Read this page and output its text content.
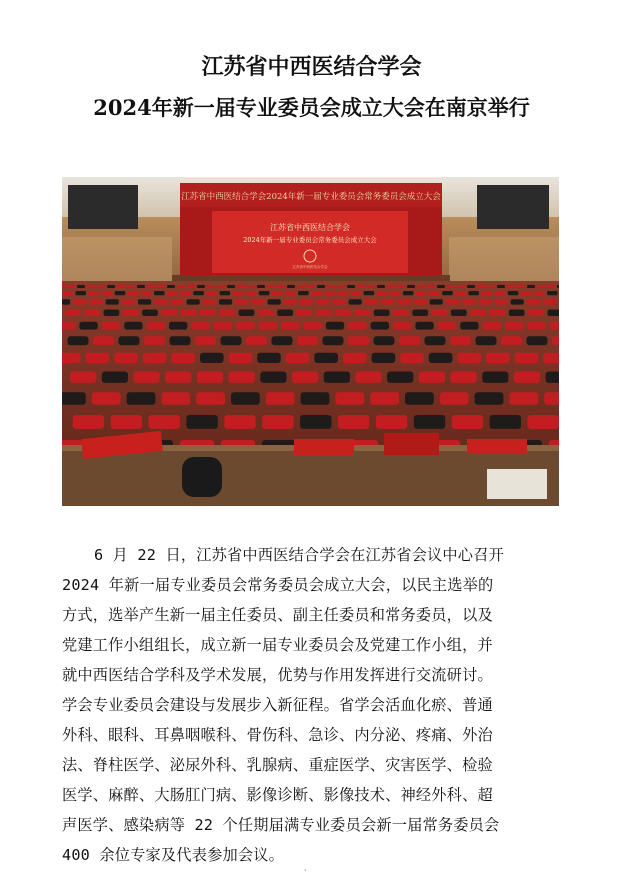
江苏省中西医结合学会
2024年新一届专业委员会成立大会在南京举行
江苏省中西医结合学会2024年新一届专业委员会常务委员会成立大会
江苏省中西医结合学会
2024年新一届专业委员会常务委员会成立大会
江苏省中西医结合学会
6 月 22 日，江苏省中西医结合学会在江苏省会议中心召开
2024 年新一届专业委员会常务委员会成立大会，以民主选举的
方式，选举产生新一届主任委员、副主任委员和常务委员，以及
党建工作小组组长，成立新一届专业委员会及党建工作小组，并
就中西医结合学科及学术发展，优势与作用发挥进行交流研讨。
学会专业委员会建设与发展步入新征程。省学会活血化瘀、普通
外科、眼科、耳鼻咽喉科、骨伤科、急诊、内分泌、疼痛、外治
法、脊柱医学、泌尿外科、乳腺病、重症医学、灾害医学、检验
医学、麻醉、大肠肛门病、影像诊断、影像技术、神经外科、超
声医学、感染病等 22 个任期届满专业委员会新一届常务委员会
400 余位专家及代表参加会议。
·
